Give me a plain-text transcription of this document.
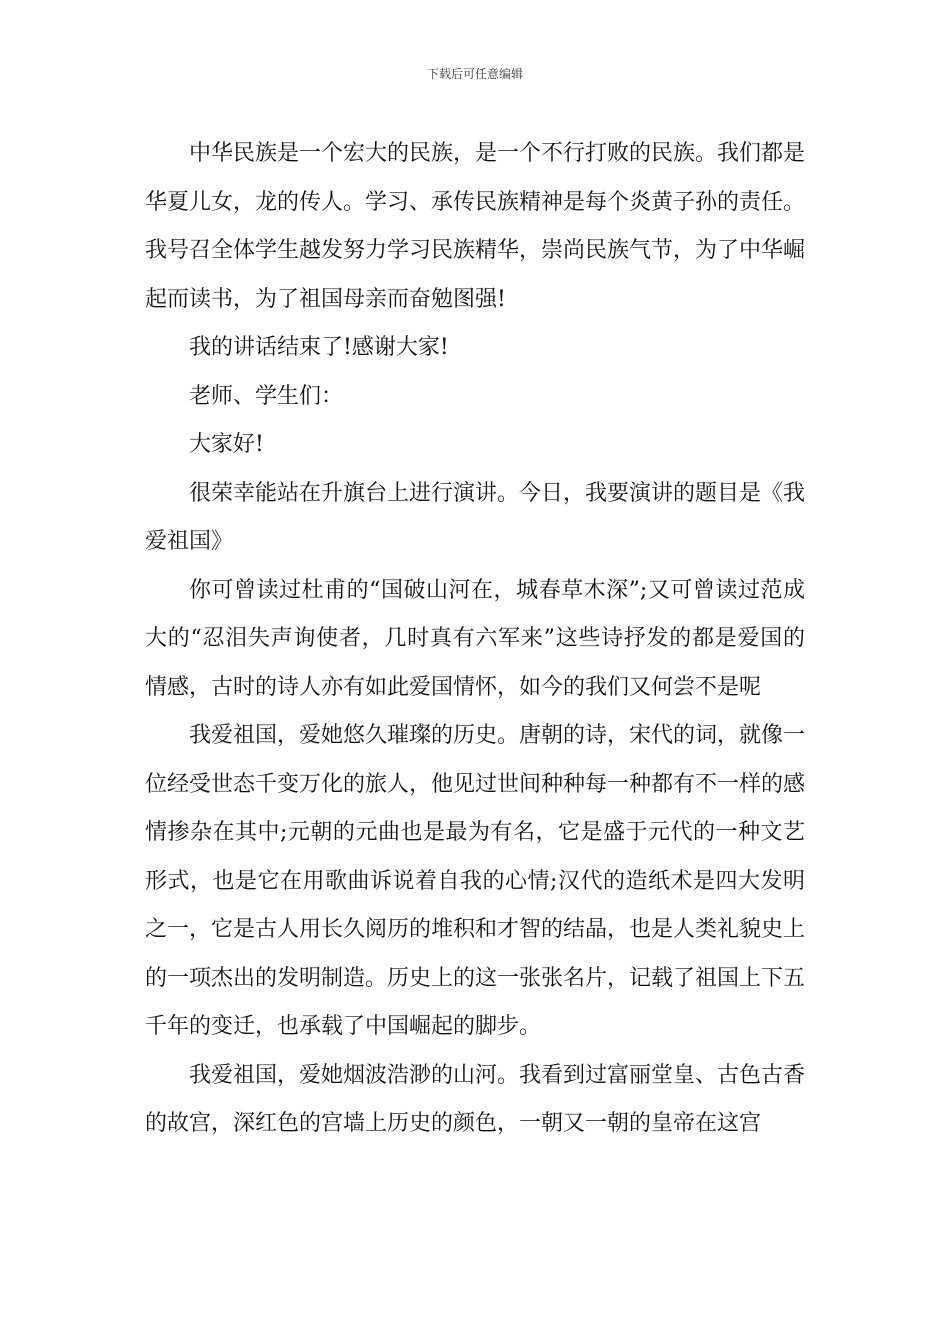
下载后可任意编辑

中华民族是一个宏大的民族，是一个不行打败的民族。我们都是华夏儿女，龙的传人。学习、承传民族精神是每个炎黄子孙的责任。我号召全体学生越发努力学习民族精华，崇尚民族气节，为了中华崛起而读书，为了祖国母亲而奋勉图强!

我的讲话结束了!感谢大家!

老师、学生们：

大家好!

很荣幸能站在升旗台上进行演讲。今日，我要演讲的题目是《我爱祖国》

你可曾读过杜甫的“国破山河在，城春草木深”;又可曾读过范成大的“忍泪失声询使者，几时真有六军来”这些诗抒发的都是爱国的情感，古时的诗人亦有如此爱国情怀，如今的我们又何尝不是呢

我爱祖国，爱她悠久璀璨的历史。唐朝的诗，宋代的词，就像一位经受世态千变万化的旅人，他见过世间种种每一种都有不一样的感情掺杂在其中;元朝的元曲也是最为有名，它是盛于元代的一种文艺形式，也是它在用歌曲诉说着自我的心情;汉代的造纸术是四大发明之一，它是古人用长久阅历的堆积和才智的结晶，也是人类礼貌史上的一项杰出的发明制造。历史上的这一张张名片，记载了祖国上下五千年的变迁，也承载了中国崛起的脚步。

我爱祖国，爱她烟波浩渺的山河。我看到过富丽堂皇、古色古香的故宫，深红色的宫墙上历史的颜色，一朝又一朝的皇帝在这宫
